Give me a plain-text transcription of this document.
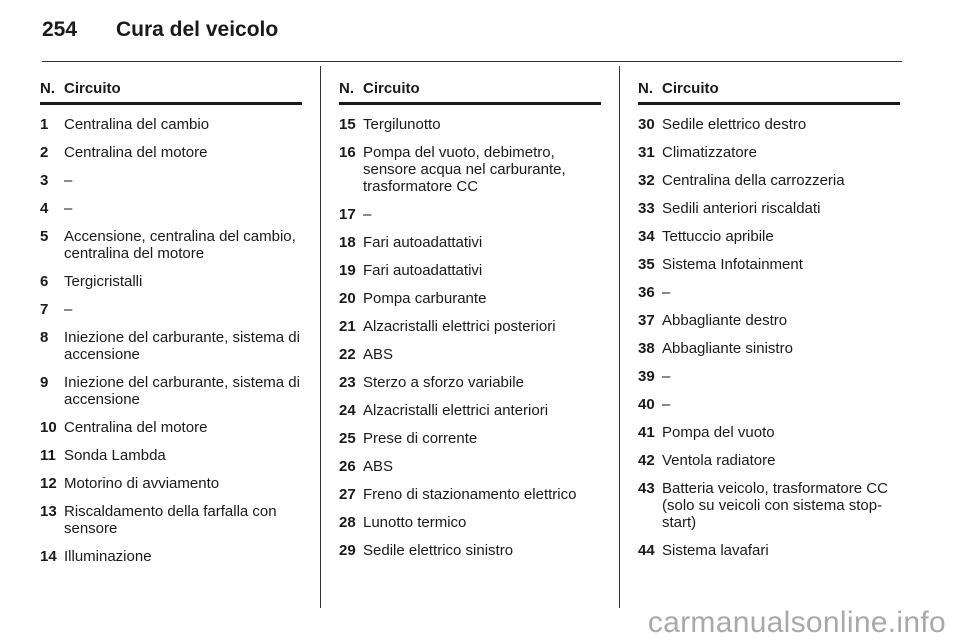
254	Cura del veicolo
N. Circuito
1	Centralina del cambio
2	Centralina del motore
3	–
4	–
5	Accensione, centralina del cambio, centralina del motore
6	Tergicristalli
7	–
8	Iniezione del carburante, sistema di accensione
9	Iniezione del carburante, sistema di accensione
10 Centralina del motore
11 Sonda Lambda
12 Motorino di avviamento
13 Riscaldamento della farfalla con sensore
14 Illuminazione
N. Circuito
15 Tergilunotto
16 Pompa del vuoto, debimetro, sensore acqua nel carburante, trasformatore CC
17 –
18 Fari autoadattativi
19 Fari autoadattativi
20 Pompa carburante
21 Alzacristalli elettrici posteriori
22 ABS
23 Sterzo a sforzo variabile
24 Alzacristalli elettrici anteriori
25 Prese di corrente
26 ABS
27 Freno di stazionamento elettrico
28 Lunotto termico
29 Sedile elettrico sinistro
N. Circuito
30 Sedile elettrico destro
31 Climatizzatore
32 Centralina della carrozzeria
33 Sedili anteriori riscaldati
34 Tettuccio apribile
35 Sistema Infotainment
36 –
37 Abbagliante destro
38 Abbagliante sinistro
39 –
40 –
41 Pompa del vuoto
42 Ventola radiatore
43 Batteria veicolo, trasformatore CC (solo su veicoli con sistema stop-start)
44 Sistema lavafari
carmanualsonline.info
